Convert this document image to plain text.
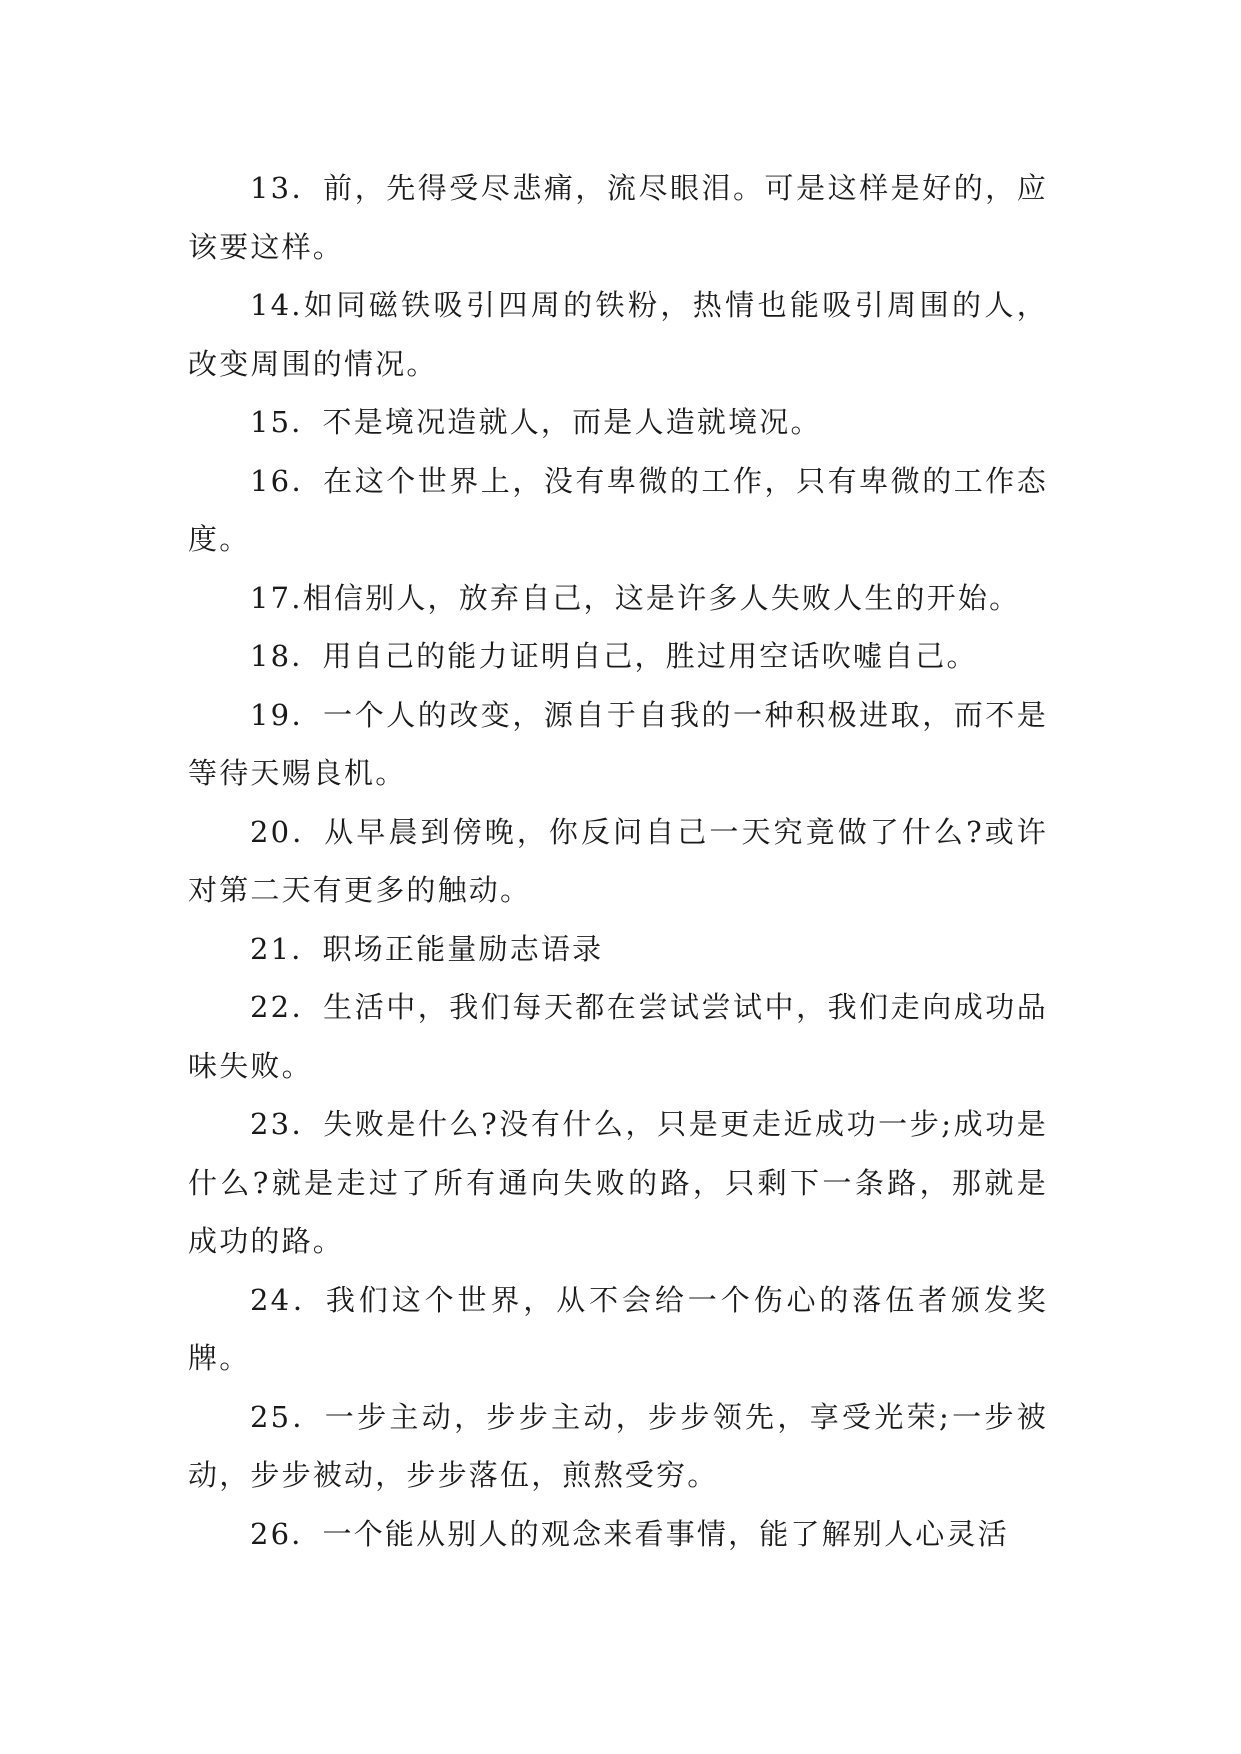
13．前，先得受尽悲痛，流尽眼泪。可是这样是好的，应该要这样。

14.如同磁铁吸引四周的铁粉，热情也能吸引周围的人，改变周围的情况。

15．不是境况造就人，而是人造就境况。

16．在这个世界上，没有卑微的工作，只有卑微的工作态度。

17.相信别人，放弃自己，这是许多人失败人生的开始。

18．用自己的能力证明自己，胜过用空话吹嘘自己。

19．一个人的改变，源自于自我的一种积极进取，而不是等待天赐良机。

20．从早晨到傍晚，你反问自己一天究竟做了什么?或许对第二天有更多的触动。

21．职场正能量励志语录

22．生活中，我们每天都在尝试尝试中，我们走向成功品味失败。

23．失败是什么?没有什么，只是更走近成功一步;成功是什么?就是走过了所有通向失败的路，只剩下一条路，那就是成功的路。

24．我们这个世界，从不会给一个伤心的落伍者颁发奖牌。

25．一步主动，步步主动，步步领先，享受光荣;一步被动，步步被动，步步落伍，煎熬受穷。

26．一个能从别人的观念来看事情，能了解别人心灵活
